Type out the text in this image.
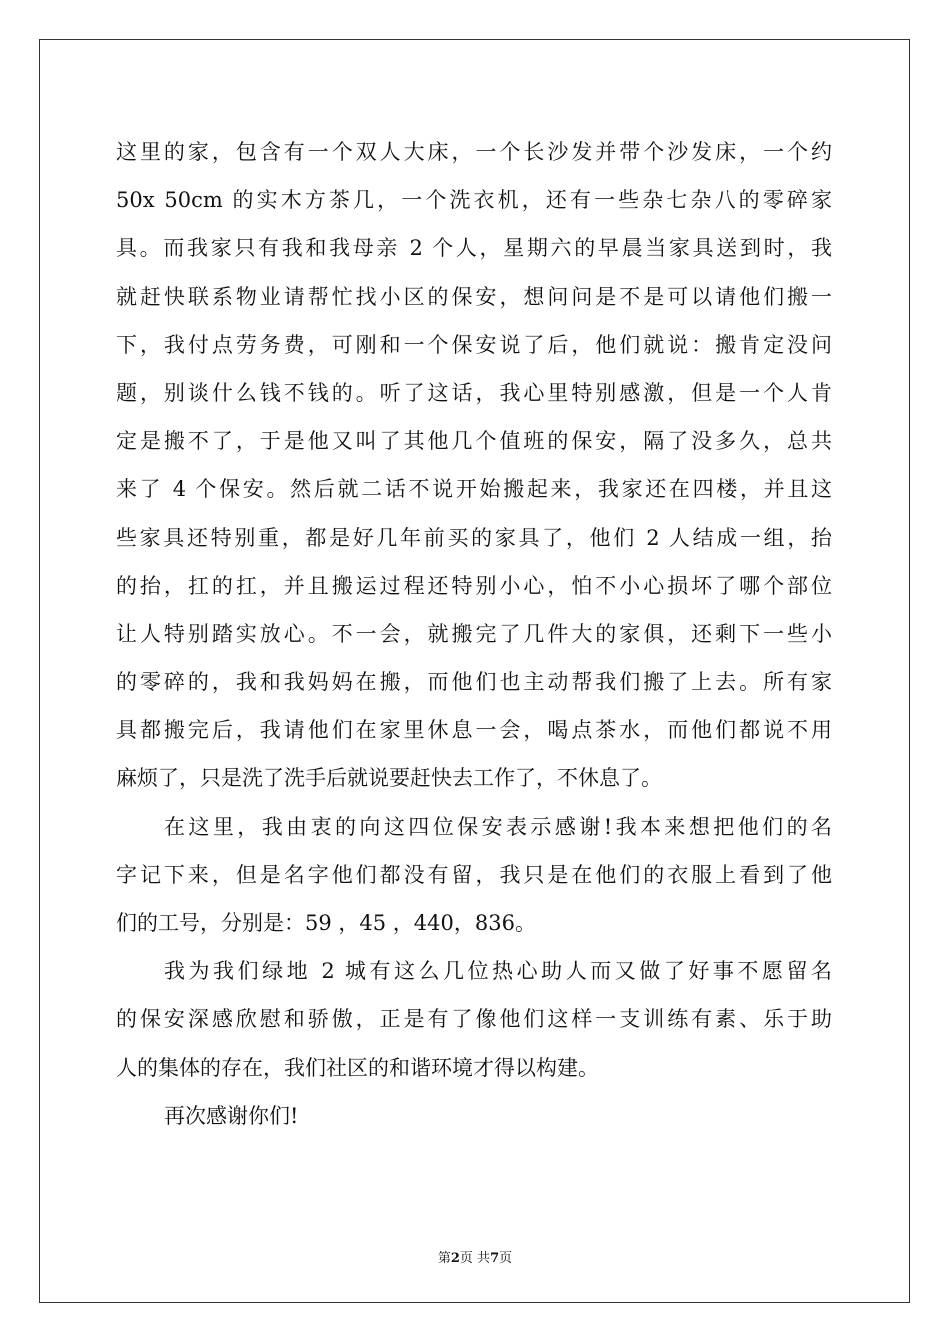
这里的家，包含有一个双人大床，一个长沙发并带个沙发床，一个约
50x 50cm 的实木方茶几，一个洗衣机，还有一些杂七杂八的零碎家
具。而我家只有我和我母亲 2 个人，星期六的早晨当家具送到时，我
就赶快联系物业请帮忙找小区的保安，想问问是不是可以请他们搬一
下，我付点劳务费，可刚和一个保安说了后，他们就说：搬肯定没问
题，别谈什么钱不钱的。听了这话，我心里特别感激，但是一个人肯
定是搬不了，于是他又叫了其他几个值班的保安，隔了没多久，总共
来了 4 个保安。然后就二话不说开始搬起来，我家还在四楼，并且这
些家具还特别重，都是好几年前买的家具了，他们 2 人结成一组，抬
的抬，扛的扛，并且搬运过程还特别小心，怕不小心损坏了哪个部位
让人特别踏实放心。不一会，就搬完了几件大的家俱，还剩下一些小
的零碎的，我和我妈妈在搬，而他们也主动帮我们搬了上去。所有家
具都搬完后，我请他们在家里休息一会，喝点茶水，而他们都说不用
麻烦了，只是洗了洗手后就说要赶快去工作了，不休息了。
在这里，我由衷的向这四位保安表示感谢!我本来想把他们的名
字记下来，但是名字他们都没有留，我只是在他们的衣服上看到了他
们的工号，分别是：59 ，45 ，440，836。
我为我们绿地 2 城有这么几位热心助人而又做了好事不愿留名
的保安深感欣慰和骄傲，正是有了像他们这样一支训练有素、乐于助
人的集体的存在，我们社区的和谐环境才得以构建。
再次感谢你们!
第2页 共7页
